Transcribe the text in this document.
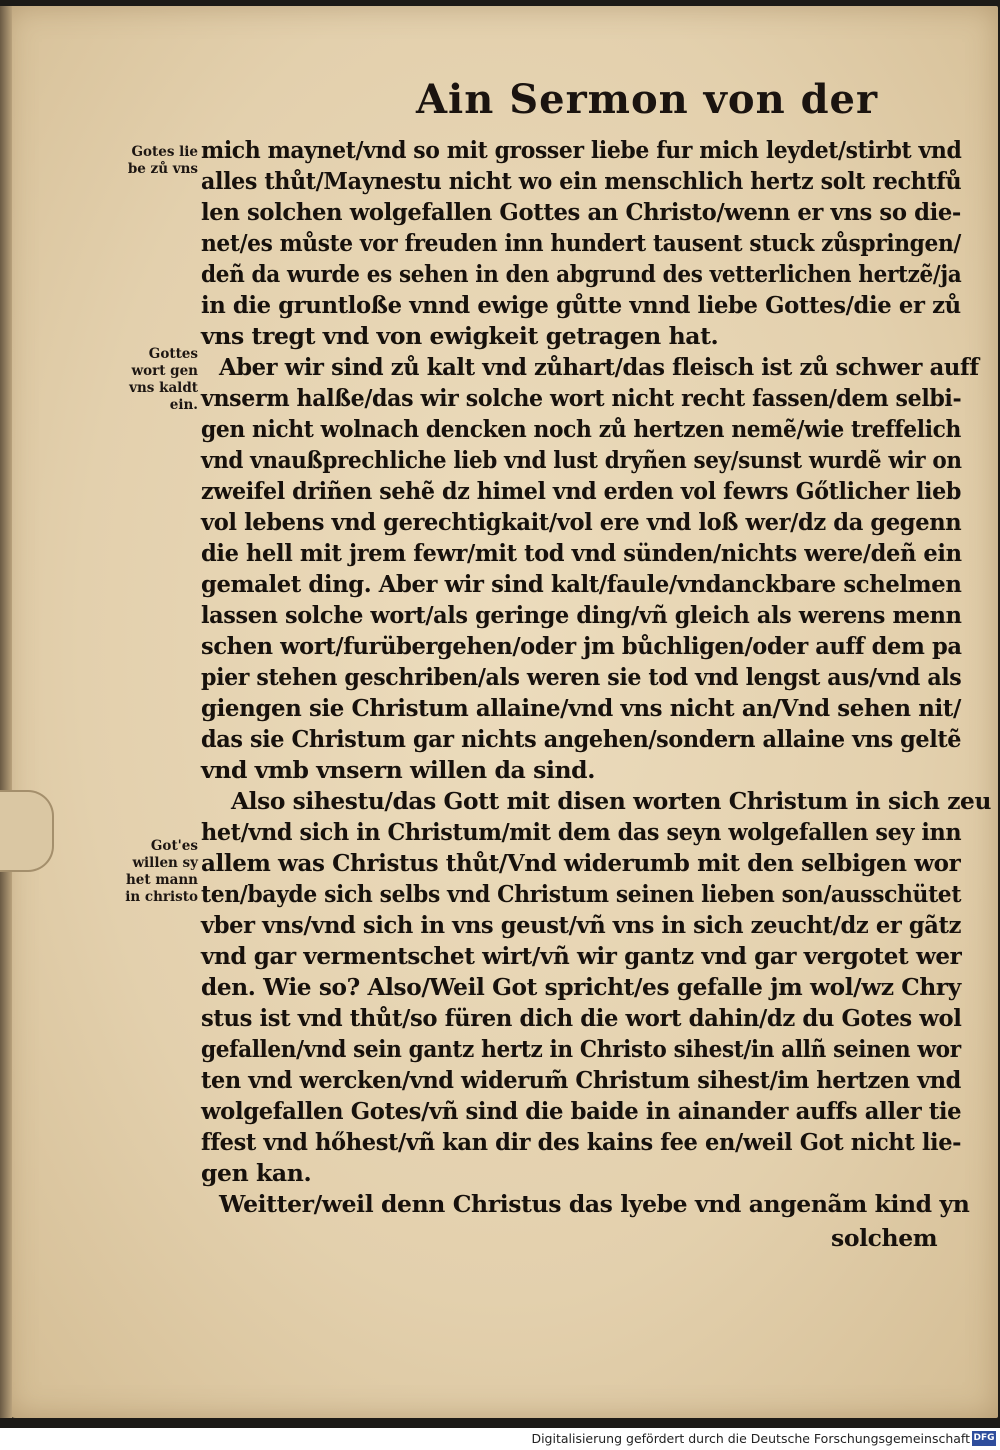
Ain Sermon von der
Gotes lie
be zů vns
Gottes
wort gen
vns kaldt
ein.
Got'es
willen sy
het mann
in christo
mich maynet/vnd so mit grosser liebe fur mich leydet/stirbt vnd
alles thůt/Maynestu nicht wo ein menschlich hertz solt rechtfů
len solchen wolgefallen Gottes an Christo/wenn er vns so die-
net/es můste vor freuden inn hundert tausent stuck zůspringen/
deñ da wurde es sehen in den abgrund des vetterlichen hertzẽ/ja
in die gruntloße vnnd ewige gůtte vnnd liebe Gottes/die er zů
vns tregt vnd von ewigkeit getragen hat.
Aber wir sind zů kalt vnd zůhart/das fleisch ist zů schwer auff
vnserm halße/das wir solche wort nicht recht fassen/dem selbi-
gen nicht wolnach dencken noch zů hertzen nemẽ/wie treffelich
vnd vnaußprechliche lieb vnd lust dryñen sey/sunst wurdẽ wir on
zweifel driñen sehẽ dz himel vnd erden vol fewrs Gőtlicher lieb
vol lebens vnd gerechtigkait/vol ere vnd loß wer/dz da gegenn
die hell mit jrem fewr/mit tod vnd sünden/nichts were/deñ ein
gemalet ding. Aber wir sind kalt/faule/vndanckbare schelmen
lassen solche wort/als geringe ding/vñ gleich als werens menn
schen wort/furübergehen/oder jm bůchligen/oder auff dem pa
pier stehen geschriben/als weren sie tod vnd lengst aus/vnd als
giengen sie Christum allaine/vnd vns nicht an/Vnd sehen nit/
das sie Christum gar nichts angehen/sondern allaine vns geltẽ
vnd vmb vnsern willen da sind.
Also sihestu/das Gott mit disen worten Christum in sich zeu
het/vnd sich in Christum/mit dem das seyn wolgefallen sey inn
allem was Christus thůt/Vnd widerumb mit den selbigen wor
ten/bayde sich selbs vnd Christum seinen lieben son/ausschütet
vber vns/vnd sich in vns geust/vñ vns in sich zeucht/dz er gãtz
vnd gar vermentschet wirt/vñ wir gantz vnd gar vergotet wer
den. Wie so? Also/Weil Got spricht/es gefalle jm wol/wz Chry
stus ist vnd thůt/so füren dich die wort dahin/dz du Gotes wol
gefallen/vnd sein gantz hertz in Christo sihest/in allñ seinen wor
ten vnd wercken/vnd widerum̃ Christum sihest/im hertzen vnd
wolgefallen Gotes/vñ sind die baide in ainander auffs aller tie
ffest vnd hőhest/vñ kan dir des kains fee en/weil Got nicht lie-
gen kan.
Weitter/weil denn Christus das lyebe vnd angenãm kind yn
solchem
Digitalisierung gefördert durch die Deutsche Forschungsgemeinschaft DFG
